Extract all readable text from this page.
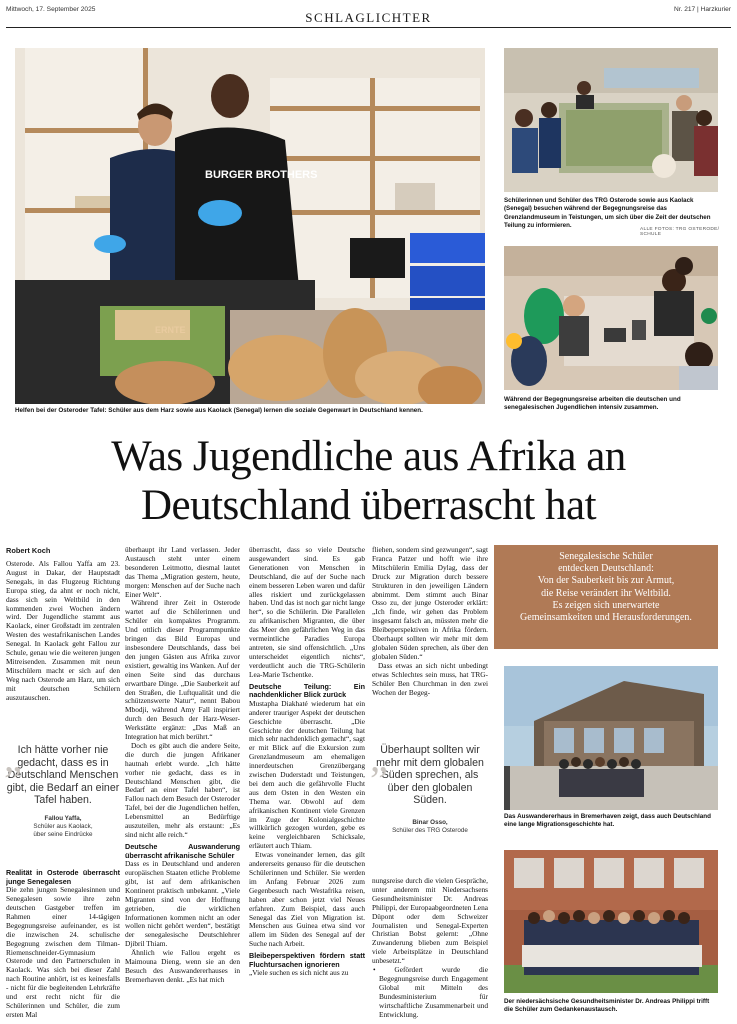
Mittwoch, 17. September 2025
SCHLAGLICHTER
Nr. 217 | Harzkurier
BURGER BROTHERS
Helfen bei der Osteroder Tafel: Schüler aus dem Harz sowie aus Kaolack (Senegal) lernen die soziale Gegenwart in Deutschland kennen.
Schülerinnen und Schüler des TRG Osterode sowie aus Kaolack (Senegal) besuchen während der Begegnungsreise das Grenzlandmuseum in Teistungen, um sich über die Zeit der deutschen Teilung zu informieren.
ALLE FOTOS: TRG OSTERODE/ SCHULE
Während der Begegnungsreise arbeiten die deutschen und senegalesischen Jugendlichen intensiv zusammen.
Was Jugendliche aus Afrika an
Deutschland überrascht hat
Robert Koch

Osterode. Als Fallou Yaffa am 23. August in Dakar, der Hauptstadt Senegals, in das Flugzeug Richtung Europa stieg, da ahnt er noch nicht, dass sich sein Weltbild in den kommenden zwei Wochen ändern wird. Der Jugendliche stammt aus Kaolack, einer Großstadt im zentralen Westen des westafrikanischen Landes Senegal. In Kaolack geht Fallou zur Schule, genau wie die weiteren jungen Mitreisenden. Zusammen mit neun Mitschülern macht er sich auf den Weg nach Osterode am Harz, um sich mit deutschen Schülern auszutauschen.

„
Ich hätte vorher nie gedacht, dass es in Deutschland Menschen gibt, die Bedarf an einer Tafel haben.
Fallou Yaffa,
Schüler aus Kaolack,
über seine Eindrücke
Realität in Osterode überrascht junge Senegalesen

Die zehn jungen Senegalesinnen und Senegalesen sowie ihre zehn deutschen Gastgeber treffen im Rahmen einer 14-tägigen Begegnungsreise aufeinander, es ist die inzwischen 24. schulische Begegnung zwischen dem Tilman-Riemenschneider-Gymnasium Osterode und den Partnerschulen in Kaolack. Was sich bei dieser Zahl nach Routine anhört, ist es keinesfalls - nicht für die begleitenden Lehrkräfte und erst recht nicht für die Schülerinnen und Schüler, die zum ersten Mal

überhaupt ihr Land verlassen. Jeder Austausch steht unter einem besonderen Leitmotto, diesmal lautet das Thema „Migration gestern, heute, morgen: Menschen auf der Suche nach Einer Welt“.

Während ihrer Zeit in Osterode wartet auf die Schülerinnen und Schüler ein kompaktes Programm. Und ottlich dieser Programmpunkte bringen das Bild Europas und insbesondere Deutschlands, dass bei den jungen Gästen aus Afrika zuvor existiert, gewaltig ins Wanken. Auf der einen Seite sind das durchaus erwartbare Dinge. „Die Sauberkeit auf den Straßen, die Luftqualität und die schützenswerte Natur“, nennt Babou Mbodji, während Amy Fall inspiriert durch den Besuch der Harz-Weser-Werkstätte ergänzt: „Das Maß an Integration hat mich berührt.“

Doch es gibt auch die andere Seite, die durch die jungen Afrikaner hautnah erlebt wurde. „Ich hätte vorher nie gedacht, dass es in Deutschland Menschen gibt, die Bedarf an einer Tafel haben“, ist Fallou nach dem Besuch der Osteroder Tafel, bei der die Jugendlichen helfen, Lebensmittel an Bedürftige auszuteilen, mehr als erstaunt: „Es sind nicht alle reich.“

Deutsche Auswanderung überrascht afrikanische Schüler

Dass es in Deutschland und anderen europäischen Staaten etliche Probleme gibt, ist auf dem afrikanischen Kontinent praktisch unbekannt. „Viele Migranten sind von der Hoffnung getrieben, die wirklichen Informationen kommen nicht an oder wollen nicht gehört werden“, bestätigt der senegalesische Deutschlehrer Djibril Thiam.

Ähnlich wie Fallou ergeht es Maimouna Dieng, wenn sie an den Besuch des Auswandererhauses in Bremerhaven denkt. „Es hat mich

überrascht, dass so viele Deutsche ausgewandert sind. Es gab Generationen von Menschen in Deutschland, die auf der Suche nach einem besseren Leben waren und dafür alles riskiert und zurückgelassen haben. Und das ist noch gar nicht lange her“, so die Schülerin. Die Parallelen zu afrikanischen Migranten, die über das Meer den gefährlichen Weg in das vermeintliche Paradies Europa antreten, sie sind offensichtlich. „Uns unterscheidet eigentlich nichts“, verdeutlicht auch die TRG-Schülerin Lea-Marie Tschentke.

Deutsche Teilung: Ein nachdenklicher Blick zurück

Mustapha Diakhaté wiederum hat ein anderer trauriger Aspekt der deutschen Geschichte überrascht. „Die Geschichte der deutschen Teilung hat mich sehr nachdenklich gemacht“, sagt er mit Blick auf die Exkursion zum Grenzlandmuseum am ehemaligen innerdeutschen Grenzübergang zwischen Duderstadt und Teistungen, bei dem auch die gefährvolle Flucht aus dem Osten in den Westen ein Thema war. Obwohl auf dem afrikanischen Kontinent viele Grenzen im Zuge der Kolonialgeschichte willkürlich gezogen wurden, gebe es keine vergleichbaren Schicksale, erläutert auch Thiam.

Etwas voneinander lernen, das gilt andererseits genauso für die deutschen Schülerinnen und Schüler. Sie werden im Anfang Februar 2026 zum Gegenbesuch nach Westafrika reisen, haben aber schon jetzt viel Neues erfahren. Zum Beispiel, dass auch Senegal das Ziel von Migration ist. Menschen aus Guinea etwa sind vor allem im Süden des Senegal auf der Suche nach Arbeit.

Bleibeperspektiven fördern statt Fluchtursachen ignorieren

„Viele suchen es sich nicht aus zu

fliehen, sondern sind gezwungen“, sagt Franca Patzer und hofft wie ihre Mitschülerin Emilia Dylag, dass der Druck zur Migration durch bessere Strukturen in den jeweiligen Ländern abnimmt. Dem stimmt auch Binar Osso zu, der junge Osteroder erklärt: „Ich finde, wir gehen das Problem insgesamt falsch an, müssten mehr die Bleibeperspektiven in Afrika fördern. Überhaupt sollten wir mehr mit dem globalen Süden sprechen, als über den globalen Süden.“

Dass etwas an sich nicht unbedingt etwas Schlechtes sein muss, hat TRG-Schüler Ben Churchman in den zwei Wochen der Begeg-

„
Überhaupt sollten wir mehr mit dem globalen Süden sprechen, als über den globalen Süden.
Binar Osso,
Schüler des TRG Osterode

nungsreise durch die vielen Gespräche, unter anderem mit Niedersachsens Gesundheitsminister Dr. Andreas Philippi, der Europaabgeordneten Lena Düpont oder dem Schweizer Journalisten und Senegal-Experten Christian Bobst gelernt: „Ohne Zuwanderung blieben zum Beispiel viele Arbeitsplätze in Deutschland unbesetzt.“

• Gefördert wurde die Begegnungsreise durch Engagement Global mit Mitteln des Bundesministerium für wirtschaftliche Zusammenarbeit und Entwicklung.
Senegalesische Schüler
entdecken Deutschland:
Von der Sauberkeit bis zur Armut,
die Reise verändert ihr Weltbild.
Es zeigen sich unerwartete
Gemeinsamkeiten und Herausforderungen.
Das Auswandererhaus in Bremerhaven zeigt, dass auch Deutschland eine lange Migrationsgeschichte hat.
Der niedersächsische Gesundheitsminister Dr. Andreas Philippi trifft die Schüler zum Gedankenaustausch.
